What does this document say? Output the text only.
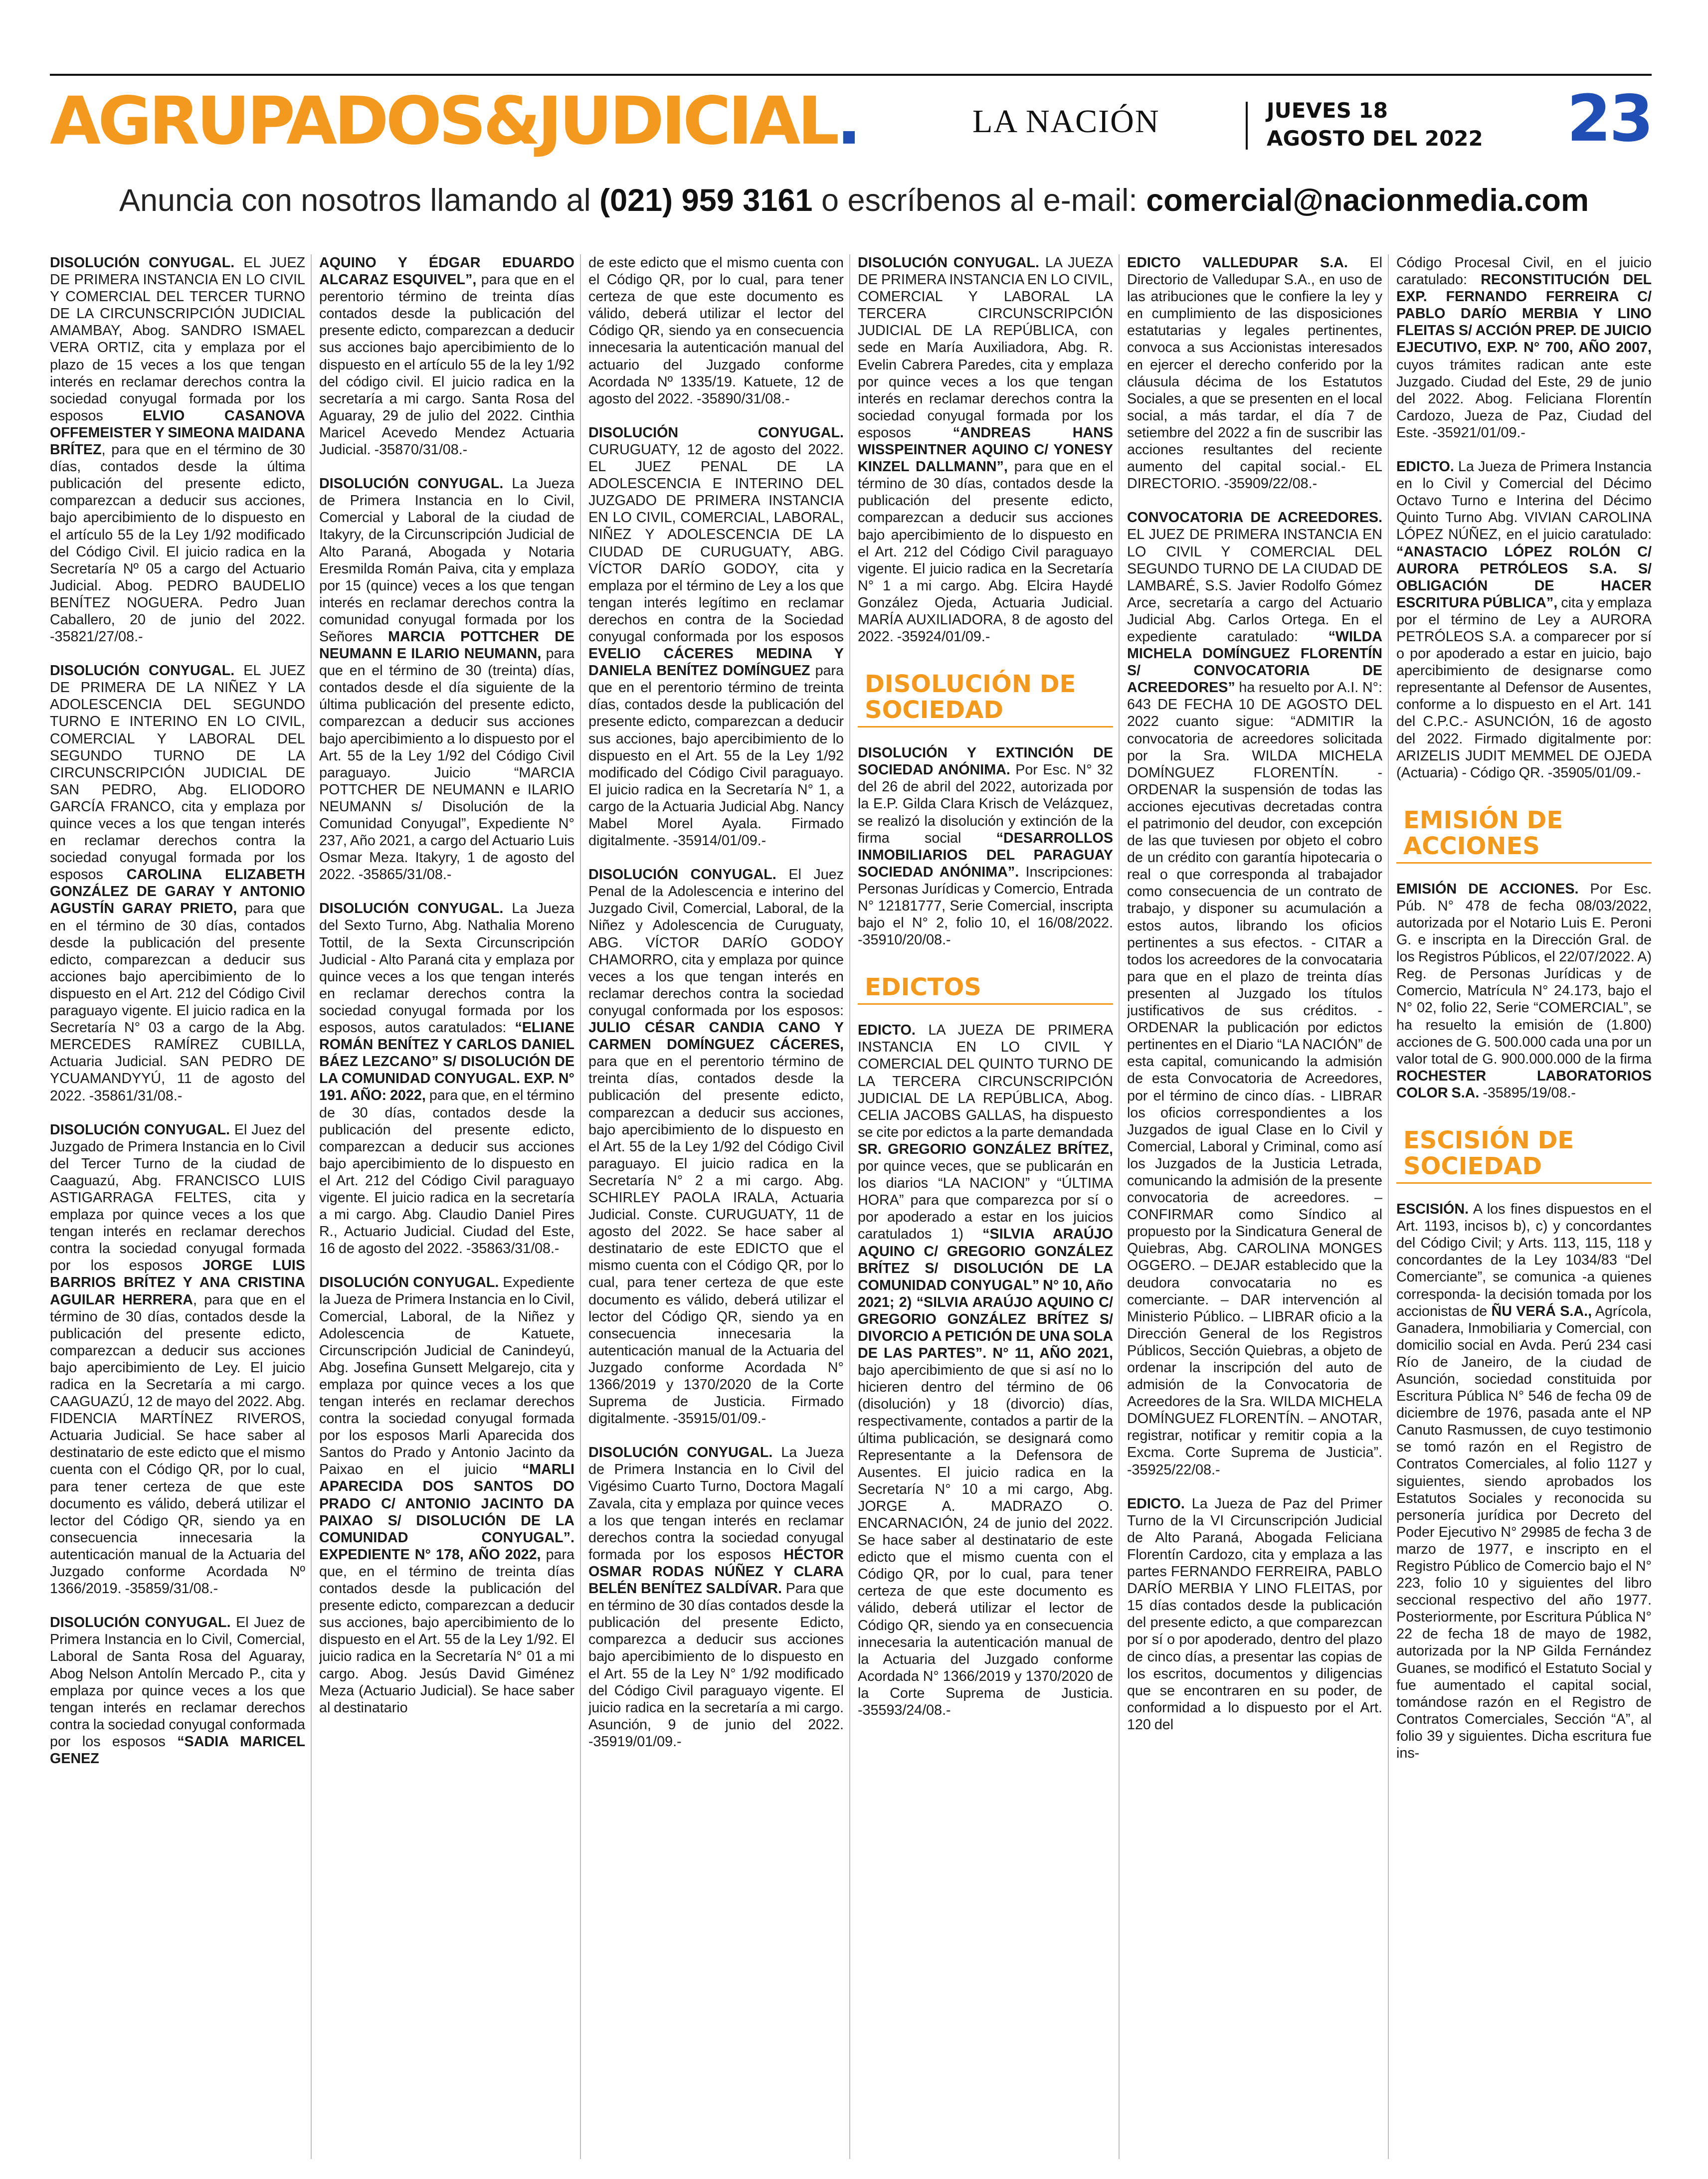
AGRUPADOS&JUDICIAL.	LA NACIÓN	JUEVES 18
AGOSTO DEL 2022 23
Anuncia con nosotros llamando al (021) 959 3161 o escríbenos al e-mail: comercial@nacionmedia.com

DISOLUCIÓN CONYUGAL. EL JUEZ DE PRIMERA INSTANCIA EN LO CIVIL Y COMERCIAL DEL TERCER TURNO DE LA CIRCUNSCRIPCIÓN JUDICIAL AMAMBAY, Abog. SANDRO ISMAEL VERA ORTIZ, cita y emplaza por el plazo de 15 veces a los que tengan interés en reclamar derechos contra la sociedad conyugal formada por los esposos ELVIO CASANOVA OFFEMEISTER Y SIMEONA MAIDANA BRÍTEZ, para que en el término de 30 días, contados desde la última publicación del presente edicto, comparezcan a deducir sus acciones, bajo apercibimiento de lo dispuesto en el artículo 55 de la Ley 1/92 modificado del Código Civil. El juicio radica en la Secretaría Nº 05 a cargo del Actuario Judicial. Abog. PEDRO BAUDELIO BENÍTEZ NOGUERA. Pedro Juan Caballero, 20 de junio del 2022. -35821/27/08.-

DISOLUCIÓN CONYUGAL. EL JUEZ DE PRIMERA DE LA NIÑEZ Y LA ADOLESCENCIA DEL SEGUNDO TURNO E INTERINO EN LO CIVIL, COMERCIAL Y LABORAL DEL SEGUNDO TURNO DE LA CIRCUNSCRIPCIÓN JUDICIAL DE SAN PEDRO, Abg. ELIODORO GARCÍA FRANCO, cita y emplaza por quince veces a los que tengan interés en reclamar derechos contra la sociedad conyugal formada por los esposos CAROLINA ELIZABETH GONZÁLEZ DE GARAY Y ANTONIO AGUSTÍN GARAY PRIETO, para que en el término de 30 días, contados desde la publicación del presente edicto, comparezcan a deducir sus acciones bajo apercibimiento de lo dispuesto en el Art. 212 del Código Civil paraguayo vigente. El juicio radica en la Secretaría N° 03 a cargo de la Abg. MERCEDES RAMÍREZ CUBILLA, Actuaria Judicial. SAN PEDRO DE YCUAMANDYYÚ, 11 de agosto del 2022. -35861/31/08.-

DISOLUCIÓN CONYUGAL. El Juez del Juzgado de Primera Instancia en lo Civil del Tercer Turno de la ciudad de Caaguazú, Abg. FRANCISCO LUIS ASTIGARRAGA FELTES, cita y emplaza por quince veces a los que tengan interés en reclamar derechos contra la sociedad conyugal formada por los esposos JORGE LUIS BARRIOS BRÍTEZ Y ANA CRISTINA AGUILAR HERRERA, para que en el término de 30 días, contados desde la publicación del presente edicto, comparezcan a deducir sus acciones bajo apercibimiento de Ley. El juicio radica en la Secretaría a mi cargo. CAAGUAZÚ, 12 de mayo del 2022. Abg. FIDENCIA MARTÍNEZ RIVEROS, Actuaria Judicial. Se hace saber al destinatario de este edicto que el mismo cuenta con el Código QR, por lo cual, para tener certeza de que este documento es válido, deberá utilizar el lector del Código QR, siendo ya en consecuencia innecesaria la autenticación manual de la Actuaria del Juzgado conforme Acordada Nº 1366/2019. -35859/31/08.-

DISOLUCIÓN CONYUGAL. El Juez de Primera Instancia en lo Civil, Comercial, Laboral de Santa Rosa del Aguaray, Abog Nelson Antolín Mercado P., cita y emplaza por quince veces a los que tengan interés en reclamar derechos contra la sociedad conyugal conformada por los esposos “SADIA MARICEL GENEZ

AQUINO Y ÉDGAR EDUARDO ALCARAZ ESQUIVEL”, para que en el perentorio término de treinta días contados desde la publicación del presente edicto, comparezcan a deducir sus acciones bajo apercibimiento de lo dispuesto en el artículo 55 de la ley 1/92 del código civil. El juicio radica en la secretaría a mi cargo. Santa Rosa del Aguaray, 29 de julio del 2022. Cinthia Maricel Acevedo Mendez Actuaria Judicial. -35870/31/08.-

DISOLUCIÓN CONYUGAL. La Jueza de Primera Instancia en lo Civil, Comercial y Laboral de la ciudad de Itakyry, de la Circunscripción Judicial de Alto Paraná, Abogada y Notaria Eresmilda Román Paiva, cita y emplaza por 15 (quince) veces a los que tengan interés en reclamar derechos contra la comunidad conyugal formada por los Señores MARCIA POTTCHER DE NEUMANN E ILARIO NEUMANN, para que en el término de 30 (treinta) días, contados desde el día siguiente de la última publicación del presente edicto, comparezcan a deducir sus acciones bajo apercibimiento a lo dispuesto por el Art. 55 de la Ley 1/92 del Código Civil paraguayo. Juicio “MARCIA POTTCHER DE NEUMANN e ILARIO NEUMANN s/ Disolución de la Comunidad Conyugal”, Expediente N° 237, Año 2021, a cargo del Actuario Luis Osmar Meza. Itakyry, 1 de agosto del 2022. -35865/31/08.-

DISOLUCIÓN CONYUGAL. La Jueza del Sexto Turno, Abg. Nathalia Moreno Tottil, de la Sexta Circunscripción Judicial - Alto Paraná cita y emplaza por quince veces a los que tengan interés en reclamar derechos contra la sociedad conyugal formada por los esposos, autos caratulados: “ELIANE ROMÁN BENÍTEZ Y CARLOS DANIEL BÁEZ LEZCANO” S/ DISOLUCIÓN DE LA COMUNIDAD CONYUGAL. EXP. N° 191. AÑO: 2022, para que, en el término de 30 días, contados desde la publicación del presente edicto, comparezcan a deducir sus acciones bajo apercibimiento de lo dispuesto en el Art. 212 del Código Civil paraguayo vigente. El juicio radica en la secretaría a mi cargo. Abg. Claudio Daniel Pires R., Actuario Judicial. Ciudad del Este, 16 de agosto del 2022. -35863/31/08.-

DISOLUCIÓN CONYUGAL. Expediente la Jueza de Primera Instancia en lo Civil, Comercial, Laboral, de la Niñez y Adolescencia de Katuete, Circunscripción Judicial de Canindeyú, Abg. Josefina Gunsett Melgarejo, cita y emplaza por quince veces a los que tengan interés en reclamar derechos contra la sociedad conyugal formada por los esposos Marli Aparecida dos Santos do Prado y Antonio Jacinto da Paixao en el juicio “MARLI APARECIDA DOS SANTOS DO PRADO C/ ANTONIO JACINTO DA PAIXAO S/ DISOLUCIÓN DE LA COMUNIDAD CONYUGAL”. EXPEDIENTE N° 178, AÑO 2022, para que, en el término de treinta días contados desde la publicación del presente edicto, comparezcan a deducir sus acciones, bajo apercibimiento de lo dispuesto en el Art. 55 de la Ley 1/92. El juicio radica en la Secretaría N° 01 a mi cargo. Abog. Jesús David Giménez Meza (Actuario Judicial). Se hace saber al destinatario

de este edicto que el mismo cuenta con el Código QR, por lo cual, para tener certeza de que este documento es válido, deberá utilizar el lector del Código QR, siendo ya en consecuencia innecesaria la autenticación manual del actuario del Juzgado conforme Acordada Nº 1335/19. Katuete, 12 de agosto del 2022. -35890/31/08.-

DISOLUCIÓN CONYUGAL. CURUGUATY, 12 de agosto del 2022. EL JUEZ PENAL DE LA ADOLESCENCIA E INTERINO DEL JUZGADO DE PRIMERA INSTANCIA EN LO CIVIL, COMERCIAL, LABORAL, NIÑEZ Y ADOLESCENCIA DE LA CIUDAD DE CURUGUATY, ABG. VÍCTOR DARÍO GODOY, cita y emplaza por el término de Ley a los que tengan interés legítimo en reclamar derechos en contra de la Sociedad conyugal conformada por los esposos EVELIO CÁCERES MEDINA Y DANIELA BENÍTEZ DOMÍNGUEZ para que en el perentorio término de treinta días, contados desde la publicación del presente edicto, comparezcan a deducir sus acciones, bajo apercibimiento de lo dispuesto en el Art. 55 de la Ley 1/92 modificado del Código Civil paraguayo. El juicio radica en la Secretaría N° 1, a cargo de la Actuaria Judicial Abg. Nancy Mabel Morel Ayala. Firmado digitalmente. -35914/01/09.-

DISOLUCIÓN CONYUGAL. El Juez Penal de la Adolescencia e interino del Juzgado Civil, Comercial, Laboral, de la Niñez y Adolescencia de Curuguaty, ABG. VÍCTOR DARÍO GODOY CHAMORRO, cita y emplaza por quince veces a los que tengan interés en reclamar derechos contra la sociedad conyugal conformada por los esposos: JULIO CÉSAR CANDIA CANO Y CARMEN DOMÍNGUEZ CÁCERES, para que en el perentorio término de treinta días, contados desde la publicación del presente edicto, comparezcan a deducir sus acciones, bajo apercibimiento de lo dispuesto en el Art. 55 de la Ley 1/92 del Código Civil paraguayo. El juicio radica en la Secretaría N° 2 a mi cargo. Abg. SCHIRLEY PAOLA IRALA, Actuaria Judicial. Conste. CURUGUATY, 11 de agosto del 2022. Se hace saber al destinatario de este EDICTO que el mismo cuenta con el Código QR, por lo cual, para tener certeza de que este documento es válido, deberá utilizar el lector del Código QR, siendo ya en consecuencia innecesaria la autenticación manual de la Actuaria del Juzgado conforme Acordada N° 1366/2019 y 1370/2020 de la Corte Suprema de Justicia. Firmado digitalmente. -35915/01/09.-

DISOLUCIÓN CONYUGAL. La Jueza de Primera Instancia en lo Civil del Vigésimo Cuarto Turno, Doctora Magalí Zavala, cita y emplaza por quince veces a los que tengan interés en reclamar derechos contra la sociedad conyugal formada por los esposos HÉCTOR OSMAR RODAS NÚÑEZ Y CLARA BELÉN BENÍTEZ SALDÍVAR. Para que en término de 30 días contados desde la publicación del presente Edicto, comparezca a deducir sus acciones bajo apercibimiento de lo dispuesto en el Art. 55 de la Ley N° 1/92 modificado del Código Civil paraguayo vigente. El juicio radica en la secretaría a mi cargo. Asunción, 9 de junio del 2022. -35919/01/09.-

DISOLUCIÓN CONYUGAL. LA JUEZA DE PRIMERA INSTANCIA EN LO CIVIL, COMERCIAL Y LABORAL LA TERCERA CIRCUNSCRIPCIÓN JUDICIAL DE LA REPÚBLICA, con sede en María Auxiliadora, Abg. R. Evelin Cabrera Paredes, cita y emplaza por quince veces a los que tengan interés en reclamar derechos contra la sociedad conyugal formada por los esposos “ANDREAS HANS WISSPEINTNER AQUINO C/ YONESY KINZEL DALLMANN”, para que en el término de 30 días, contados desde la publicación del presente edicto, comparezcan a deducir sus acciones bajo apercibimiento de lo dispuesto en el Art. 212 del Código Civil paraguayo vigente. El juicio radica en la Secretaría N° 1 a mi cargo. Abg. Elcira Haydé González Ojeda, Actuaria Judicial. MARÍA AUXILIADORA, 8 de agosto del 2022. -35924/01/09.-

DISOLUCIÓN DE SOCIEDAD

DISOLUCIÓN Y EXTINCIÓN DE SOCIEDAD ANÓNIMA. Por Esc. N° 32 del 26 de abril del 2022, autorizada por la E.P. Gilda Clara Krisch de Velázquez, se realizó la disolución y extinción de la firma social “DESARROLLOS INMOBILIARIOS DEL PARAGUAY SOCIEDAD ANÓNIMA”. Inscripciones: Personas Jurídicas y Comercio, Entrada N° 12181777, Serie Comercial, inscripta bajo el N° 2, folio 10, el 16/08/2022. -35910/20/08.-

EDICTOS

EDICTO. LA JUEZA DE PRIMERA INSTANCIA EN LO CIVIL Y COMERCIAL DEL QUINTO TURNO DE LA TERCERA CIRCUNSCRIPCIÓN JUDICIAL DE LA REPÚBLICA, Abog. CELIA JACOBS GALLAS, ha dispuesto se cite por edictos a la parte demandada SR. GREGORIO GONZÁLEZ BRÍTEZ, por quince veces, que se publicarán en los diarios “LA NACION” y “ÚLTIMA HORA” para que comparezca por sí o por apoderado a estar en los juicios caratulados 1) “SILVIA ARAÚJO AQUINO C/ GREGORIO GONZÁLEZ BRÍTEZ S/ DISOLUCIÓN DE LA COMUNIDAD CONYUGAL” N° 10, Año 2021; 2) “SILVIA ARAÚJO AQUINO C/ GREGORIO GONZÁLEZ BRÍTEZ S/ DIVORCIO A PETICIÓN DE UNA SOLA DE LAS PARTES”. N° 11, AÑO 2021, bajo apercibimiento de que si así no lo hicieren dentro del término de 06 (disolución) y 18 (divorcio) días, respectivamente, contados a partir de la última publicación, se designará como Representante a la Defensora de Ausentes. El juicio radica en la Secretaría N° 10 a mi cargo, Abg. JORGE A. MADRAZO O. ENCARNACIÓN, 24 de junio del 2022. Se hace saber al destinatario de este edicto que el mismo cuenta con el Código QR, por lo cual, para tener certeza de que este documento es válido, deberá utilizar el lector de Código QR, siendo ya en consecuencia innecesaria la autenticación manual de la Actuaria del Juzgado conforme Acordada N° 1366/2019 y 1370/2020 de la Corte Suprema de Justicia. -35593/24/08.-

EDICTO VALLEDUPAR S.A. El Directorio de Valledupar S.A., en uso de las atribuciones que le confiere la ley y en cumplimiento de las disposiciones estatutarias y legales pertinentes, convoca a sus Accionistas interesados en ejercer el derecho conferido por la cláusula décima de los Estatutos Sociales, a que se presenten en el local social, a más tardar, el día 7 de setiembre del 2022 a fin de suscribir las acciones resultantes del reciente aumento del capital social.- EL DIRECTORIO. -35909/22/08.-

CONVOCATORIA DE ACREEDORES. EL JUEZ DE PRIMERA INSTANCIA EN LO CIVIL Y COMERCIAL DEL SEGUNDO TURNO DE LA CIUDAD DE LAMBARÉ, S.S. Javier Rodolfo Gómez Arce, secretaría a cargo del Actuario Judicial Abg. Carlos Ortega. En el expediente caratulado: “WILDA MICHELA DOMÍNGUEZ FLORENTÍN S/ CONVOCATORIA DE ACREEDORES” ha resuelto por A.I. N°: 643 DE FECHA 10 DE AGOSTO DEL 2022 cuanto sigue: “ADMITIR la convocatoria de acreedores solicitada por la Sra. WILDA MICHELA DOMÍNGUEZ FLORENTÍN. - ORDENAR la suspensión de todas las acciones ejecutivas decretadas contra el patrimonio del deudor, con excepción de las que tuviesen por objeto el cobro de un crédito con garantía hipotecaria o real o que corresponda al trabajador como consecuencia de un contrato de trabajo, y disponer su acumulación a estos autos, librando los oficios pertinentes a sus efectos. - CITAR a todos los acreedores de la convocataria para que en el plazo de treinta días presenten al Juzgado los títulos justificativos de sus créditos. - ORDENAR la publicación por edictos pertinentes en el Diario “LA NACIÓN” de esta capital, comunicando la admisión de esta Convocatoria de Acreedores, por el término de cinco días. - LIBRAR los oficios correspondientes a los Juzgados de igual Clase en lo Civil y Comercial, Laboral y Criminal, como así los Juzgados de la Justicia Letrada, comunicando la admisión de la presente convocatoria de acreedores. – CONFIRMAR como Síndico al propuesto por la Sindicatura General de Quiebras, Abg. CAROLINA MONGES OGGERO. – DEJAR establecido que la deudora convocataria no es comerciante. – DAR intervención al Ministerio Público. – LIBRAR oficio a la Dirección General de los Registros Públicos, Sección Quiebras, a objeto de ordenar la inscripción del auto de admisión de la Convocatoria de Acreedores de la Sra. WILDA MICHELA DOMÍNGUEZ FLORENTÍN. – ANOTAR, registrar, notificar y remitir copia a la Excma. Corte Suprema de Justicia”. -35925/22/08.-

EDICTO. La Jueza de Paz del Primer Turno de la VI Circunscripción Judicial de Alto Paraná, Abogada Feliciana Florentín Cardozo, cita y emplaza a las partes FERNANDO FERREIRA, PABLO DARÍO MERBIA Y LINO FLEITAS, por 15 días contados desde la publicación del presente edicto, a que comparezcan por sí o por apoderado, dentro del plazo de cinco días, a presentar las copias de los escritos, documentos y diligencias que se encontraren en su poder, de conformidad a lo dispuesto por el Art. 120 del

Código Procesal Civil, en el juicio caratulado: RECONSTITUCIÓN DEL EXP. FERNANDO FERREIRA C/ PABLO DARÍO MERBIA Y LINO FLEITAS S/ ACCIÓN PREP. DE JUICIO EJECUTIVO, EXP. N° 700, AÑO 2007, cuyos trámites radican ante este Juzgado. Ciudad del Este, 29 de junio del 2022. Abog. Feliciana Florentín Cardozo, Jueza de Paz, Ciudad del Este. -35921/01/09.-

EDICTO. La Jueza de Primera Instancia en lo Civil y Comercial del Décimo Octavo Turno e Interina del Décimo Quinto Turno Abg. VIVIAN CAROLINA LÓPEZ NÚÑEZ, en el juicio caratulado: “ANASTACIO LÓPEZ ROLÓN C/ AURORA PETRÓLEOS S.A. S/ OBLIGACIÓN DE HACER ESCRITURA PÚBLICA”, cita y emplaza por el término de Ley a AURORA PETRÓLEOS S.A. a comparecer por sí o por apoderado a estar en juicio, bajo apercibimiento de designarse como representante al Defensor de Ausentes, conforme a lo dispuesto en el Art. 141 del C.P.C.- ASUNCIÓN, 16 de agosto del 2022. Firmado digitalmente por: ARIZELIS JUDIT MEMMEL DE OJEDA (Actuaria) - Código QR. -35905/01/09.-

EMISIÓN DE ACCIONES

EMISIÓN DE ACCIONES. Por Esc. Púb. N° 478 de fecha 08/03/2022, autorizada por el Notario Luis E. Peroni G. e inscripta en la Dirección Gral. de los Registros Públicos, el 22/07/2022. A) Reg. de Personas Jurídicas y de Comercio, Matrícula N° 24.173, bajo el N° 02, folio 22, Serie “COMERCIAL”, se ha resuelto la emisión de (1.800) acciones de G. 500.000 cada una por un valor total de G. 900.000.000 de la firma ROCHESTER LABORATORIOS COLOR S.A. -35895/19/08.-

ESCISIÓN DE SOCIEDAD

ESCISIÓN. A los fines dispuestos en el Art. 1193, incisos b), c) y concordantes del Código Civil; y Arts. 113, 115, 118 y concordantes de la Ley 1034/83 “Del Comerciante”, se comunica -a quienes corresponda- la decisión tomada por los accionistas de ÑU VERÁ S.A., Agrícola, Ganadera, Inmobiliaria y Comercial, con domicilio social en Avda. Perú 234 casi Río de Janeiro, de la ciudad de Asunción, sociedad constituida por Escritura Pública N° 546 de fecha 09 de diciembre de 1976, pasada ante el NP Canuto Rasmussen, de cuyo testimonio se tomó razón en el Registro de Contratos Comerciales, al folio 1127 y siguientes, siendo aprobados los Estatutos Sociales y reconocida su personería jurídica por Decreto del Poder Ejecutivo N° 29985 de fecha 3 de marzo de 1977, e inscripto en el Registro Público de Comercio bajo el N° 223, folio 10 y siguientes del libro seccional respectivo del año 1977. Posteriormente, por Escritura Pública N° 22 de fecha 18 de mayo de 1982, autorizada por la NP Gilda Fernández Guanes, se modificó el Estatuto Social y fue aumentado el capital social, tomándose razón en el Registro de Contratos Comerciales, Sección “A”, al folio 39 y siguientes. Dicha escritura fue ins-
